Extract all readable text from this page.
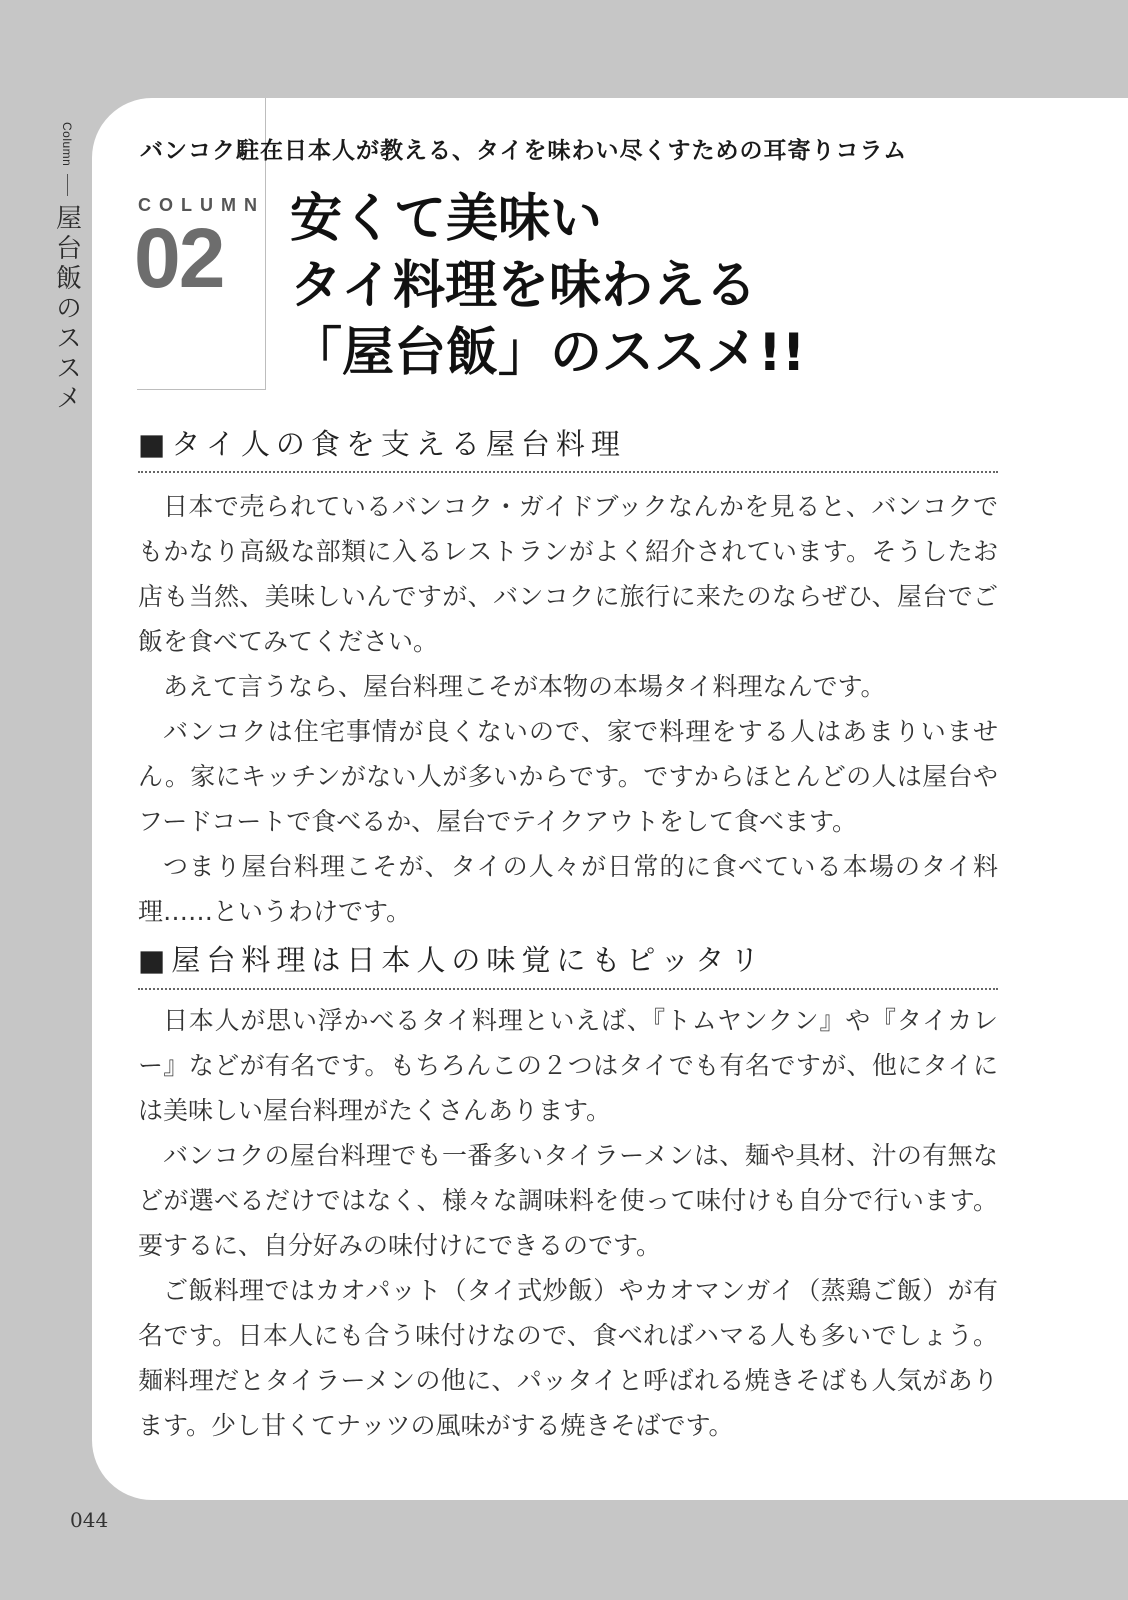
Column
屋台飯のススメ
バンコク駐在日本人が教える、タイを味わい尽くすための耳寄りコラム
COLUMN
02 安くて美味い
タイ料理を味わえる
「屋台飯」のススメ!!
■タイ人の食を支える屋台料理

日本で売られているバンコク・ガイドブックなんかを見ると、バンコクでもかなり高級な部類に入るレストランがよく紹介されています。そうしたお店も当然、美味しいんですが、バンコクに旅行に来たのならぜひ、屋台でご飯を食べてみてください。

あえて言うなら、屋台料理こそが本物の本場タイ料理なんです。

バンコクは住宅事情が良くないので、家で料理をする人はあまりいません。家にキッチンがない人が多いからです。ですからほとんどの人は屋台やフードコートで食べるか、屋台でテイクアウトをして食べます。

つまり屋台料理こそが、タイの人々が日常的に食べている本場のタイ料理……というわけです。

■屋台料理は日本人の味覚にもピッタリ

日本人が思い浮かべるタイ料理といえば、『トムヤンクン』や『タイカレー』などが有名です。もちろんこの２つはタイでも有名ですが、他にタイには美味しい屋台料理がたくさんあります。

バンコクの屋台料理でも一番多いタイラーメンは、麺や具材、汁の有無などが選べるだけではなく、様々な調味料を使って味付けも自分で行います。要するに、自分好みの味付けにできるのです。

ご飯料理ではカオパット（タイ式炒飯）やカオマンガイ（蒸鶏ご飯）が有名です。日本人にも合う味付けなので、食べればハマる人も多いでしょう。麺料理だとタイラーメンの他に、パッタイと呼ばれる焼きそばも人気があります。少し甘くてナッツの風味がする焼きそばです。

044
